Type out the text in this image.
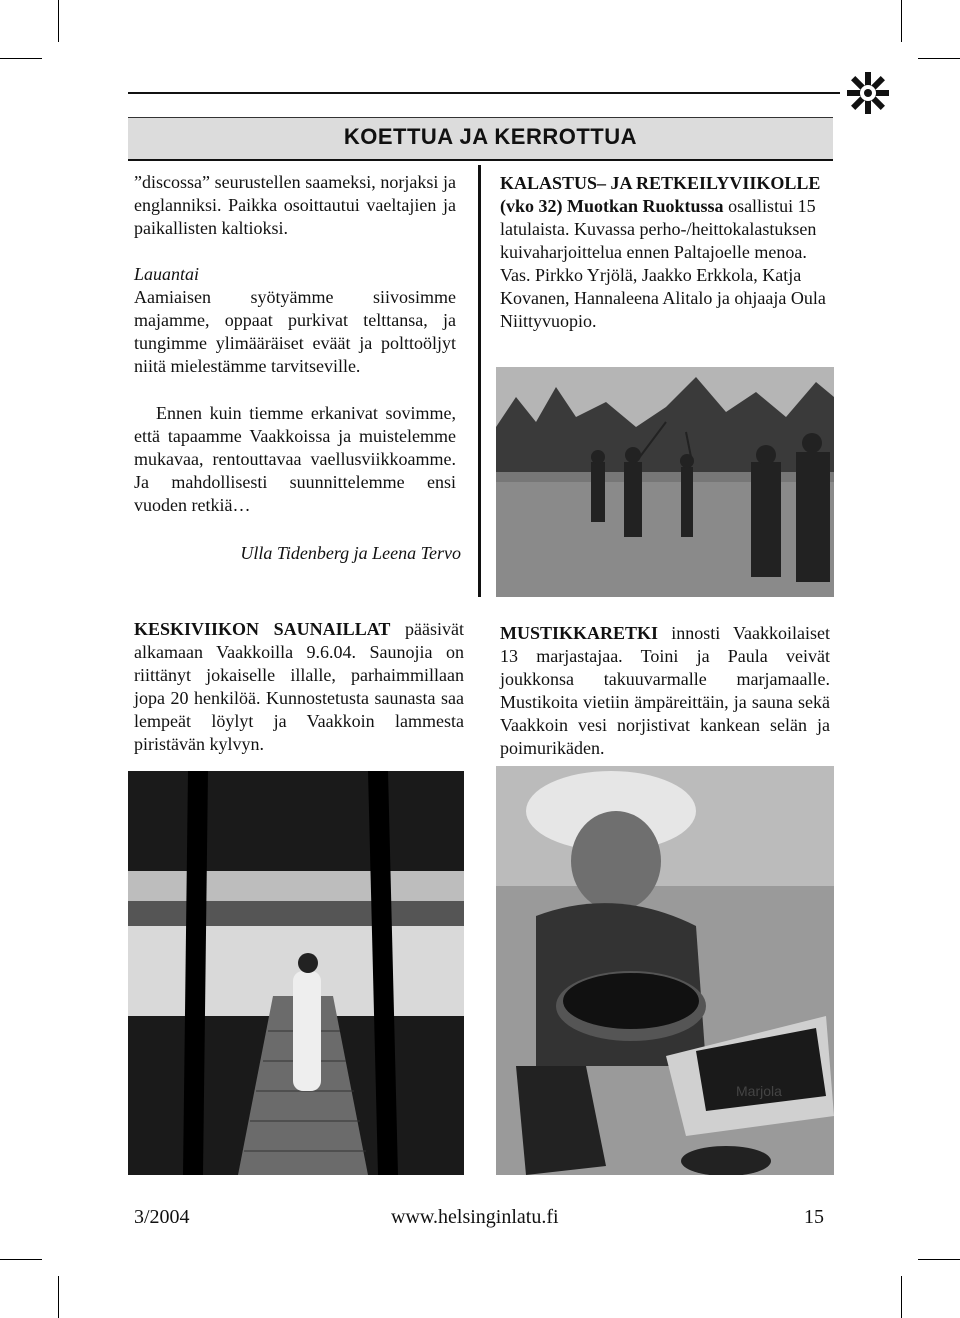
KOETTUA JA KERROTTUA

”discossa” seurustellen saameksi, norjaksi ja englanniksi. Paikka osoittautui vaeltajien ja paikallisten kaltioksi.

Lauantai

Aamiaisen syötyämme siivosimme majamme, oppaat purkivat telttansa, ja tungimme ylimääräiset eväät ja polttoöljyt niitä mielestämme tarvitseville.

Ennen kuin tiemme erkanivat sovimme, että tapaamme Vaakkoissa ja muistelemme mukavaa, rentouttavaa vaellusviikkoamme. Ja mahdollisesti suunnittelemme ensi vuoden retkiä…

Ulla Tidenberg ja Leena Tervo
KALASTUS– JA RETKEILYVIIKOLLE (vko 32) Muotkan Ruoktussa osallistui 15 latulaista. Kuvassa perho-/heittokalastuksen kuivaharjoittelua ennen Paltajoelle menoa. Vas. Pirkko Yrjölä, Jaakko Erkkola, Katja Kovanen, Hannaleena Alitalo ja ohjaaja Oula Niittyvuopio.
KESKIVIIKON SAUNAILLAT pääsivät alkamaan Vaakkoilla 9.6.04. Saunojia on riittänyt jokaiselle illalle, parhaimmillaan jopa 20 henkilöä. Kunnostetusta saunasta saa lempeät löylyt ja Vaakkoin lammesta piristävän kylvyn.
MUSTIKKARETKI innosti Vaakkoilaiset 13 marjastajaa. Toini ja Paula veivät joukkonsa takuuvarmalle marjamaalle. Mustikoita vietiin ämpäreittäin, ja sauna sekä Vaakkoin vesi norjistivat kankean selän ja poimurikäden.
Marjola
3/2004	www.helsinginlatu.fi	15
